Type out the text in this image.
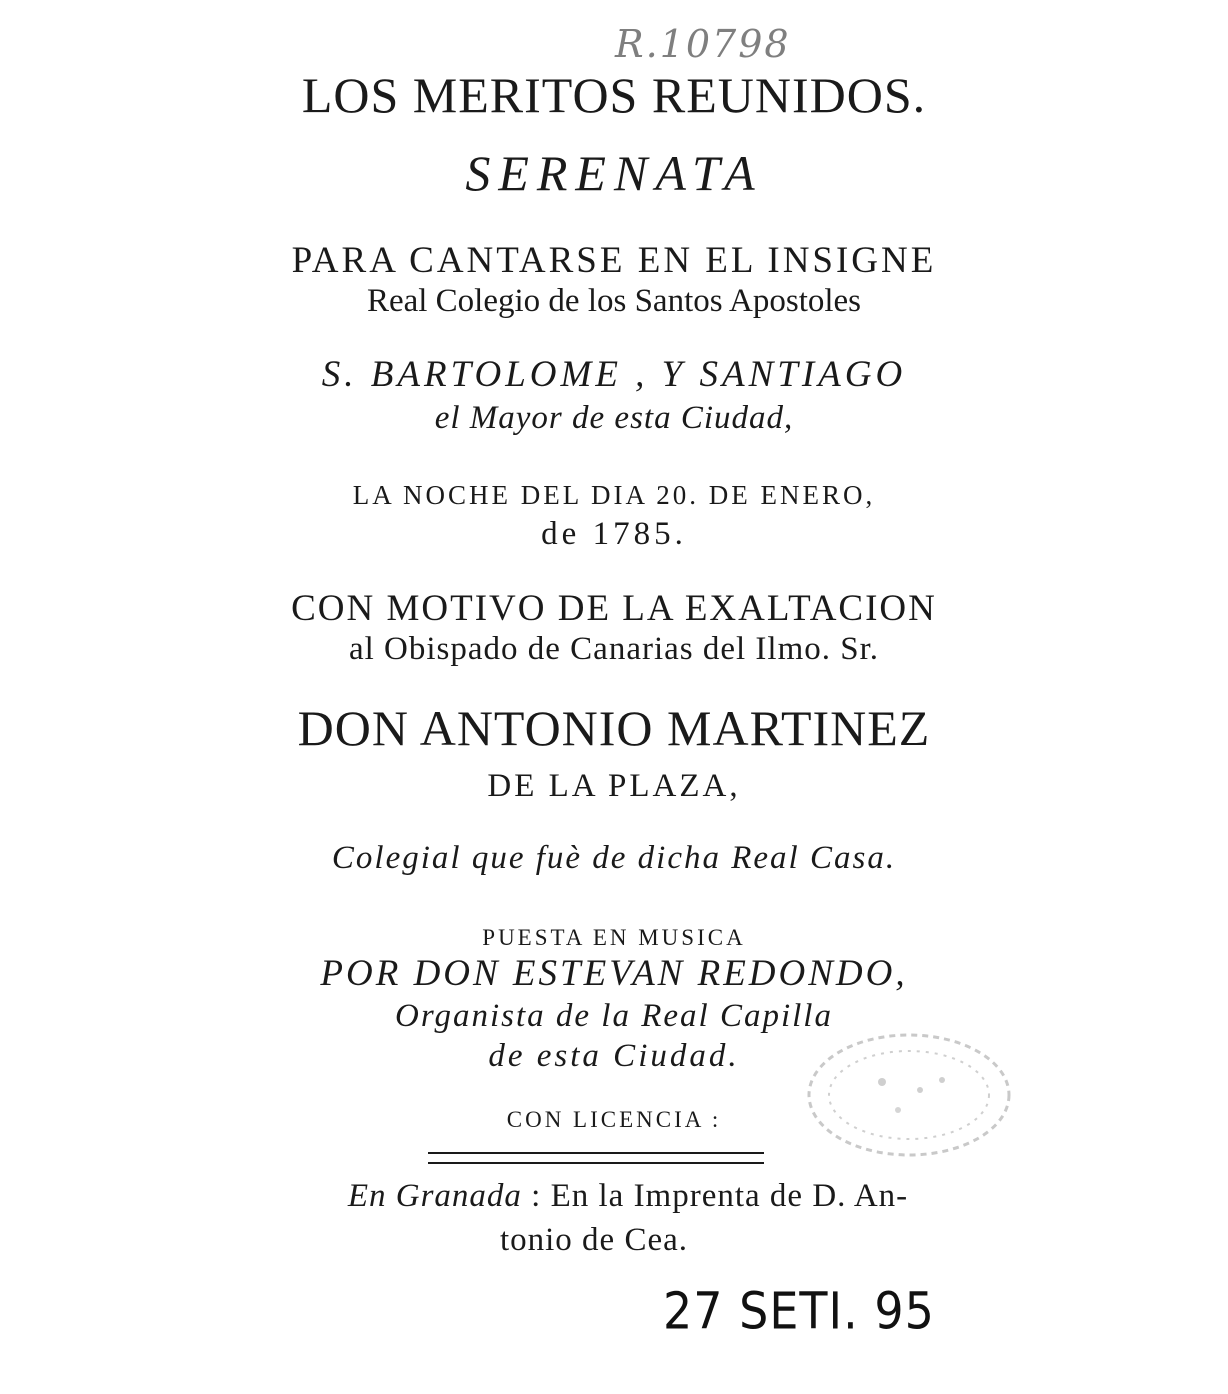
R.10798
LOS MERITOS REUNIDOS.
SERENATA
PARA CANTARSE EN EL INSIGNE
Real Colegio de los Santos Apostoles
S. BARTOLOME , Y SANTIAGO
el Mayor de esta Ciudad,
LA NOCHE DEL DIA 20. DE ENERO,
de 1785.
CON MOTIVO DE LA EXALTACION
al Obispado de Canarias del Ilmo. Sr.
DON ANTONIO MARTINEZ
DE LA PLAZA,
Colegial que fuè de dicha Real Casa.
PUESTA EN MUSICA
POR DON ESTEVAN REDONDO,
Organista de la Real Capilla
de esta Ciudad.
CON LICENCIA :
En Granada : En la Imprenta de D. An-
tonio de Cea.
27 SETI. 95
